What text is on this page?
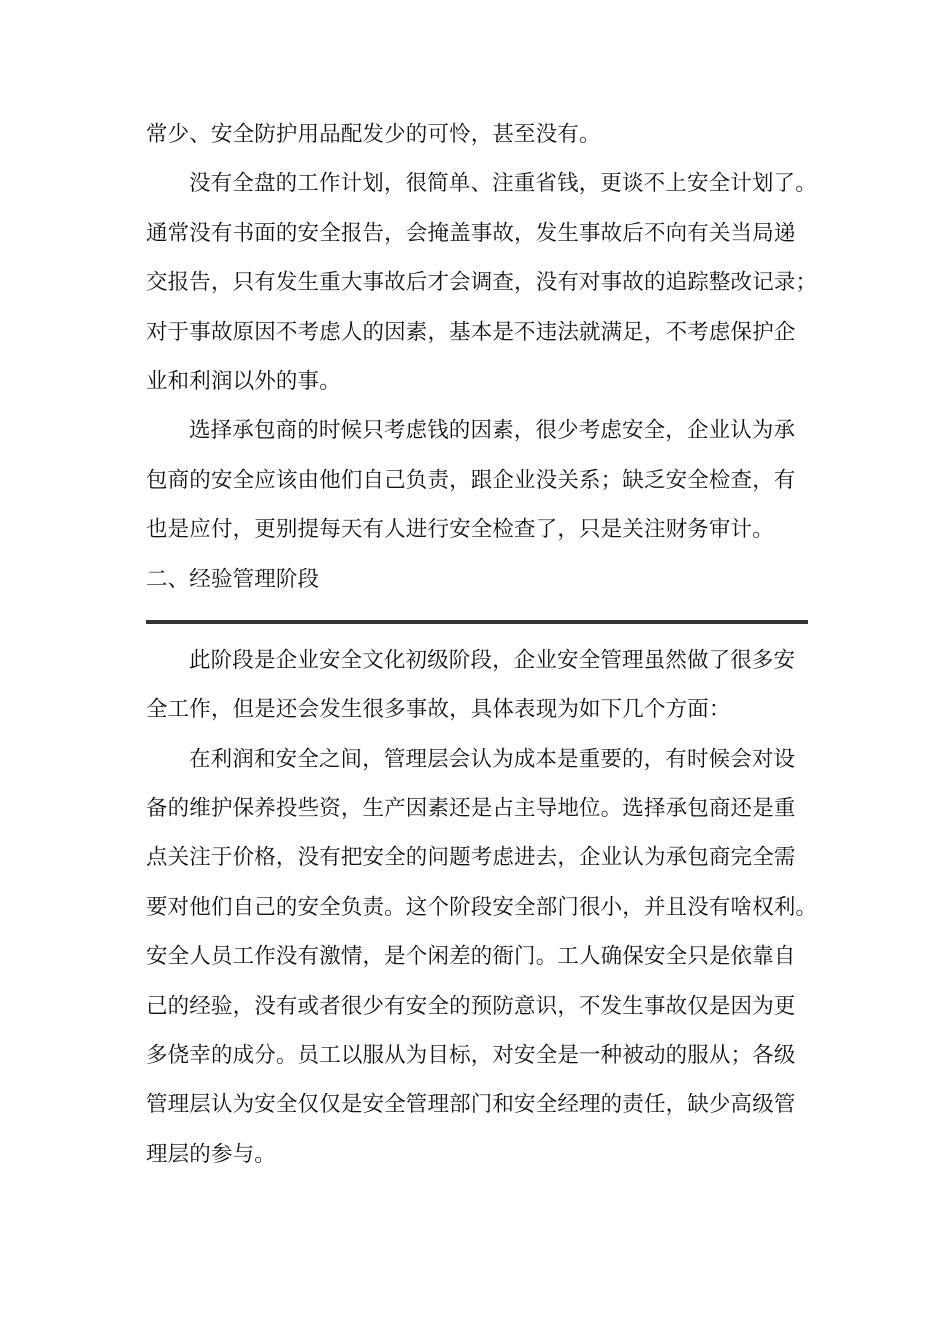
常少、安全防护用品配发少的可怜，甚至没有。
没有全盘的工作计划，很简单、注重省钱，更谈不上安全计划了。
通常没有书面的安全报告，会掩盖事故，发生事故后不向有关当局递
交报告，只有发生重大事故后才会调查，没有对事故的追踪整改记录；
对于事故原因不考虑人的因素，基本是不违法就满足，不考虑保护企
业和利润以外的事。
选择承包商的时候只考虑钱的因素，很少考虑安全，企业认为承
包商的安全应该由他们自己负责，跟企业没关系；缺乏安全检查，有
也是应付，更别提每天有人进行安全检查了，只是关注财务审计。
二、经验管理阶段
此阶段是企业安全文化初级阶段，企业安全管理虽然做了很多安
全工作，但是还会发生很多事故，具体表现为如下几个方面：
在利润和安全之间，管理层会认为成本是重要的，有时候会对设
备的维护保养投些资，生产因素还是占主导地位。选择承包商还是重
点关注于价格，没有把安全的问题考虑进去，企业认为承包商完全需
要对他们自己的安全负责。这个阶段安全部门很小，并且没有啥权利。
安全人员工作没有激情，是个闲差的衙门。工人确保安全只是依靠自
己的经验，没有或者很少有安全的预防意识，不发生事故仅是因为更
多侥幸的成分。员工以服从为目标，对安全是一种被动的服从；各级
管理层认为安全仅仅是安全管理部门和安全经理的责任，缺少高级管
理层的参与。
